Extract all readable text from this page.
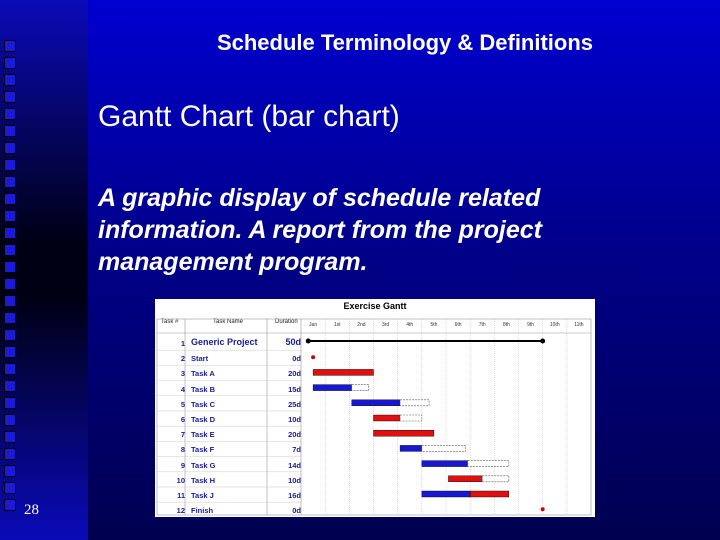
Schedule Terminology & Definitions
Gantt Chart (bar chart)
A graphic display of schedule related information. A report from the project management program.
28
Exercise Gantt
Task #	Task Name	Duration Jan	1st	2nd	3rd	4th	5th	6th	7th	8th	9th	10th	11th
1 Generic Project	50d
2 Start	0d
3 Task A	20d
4 Task B	15d
5 Task C	25d
6 Task D	10d
7 Task E	20d
8 Task F	7d
9 Task G	14d
10 Task H	10d
11 Task J	16d
12 Finish	0d
